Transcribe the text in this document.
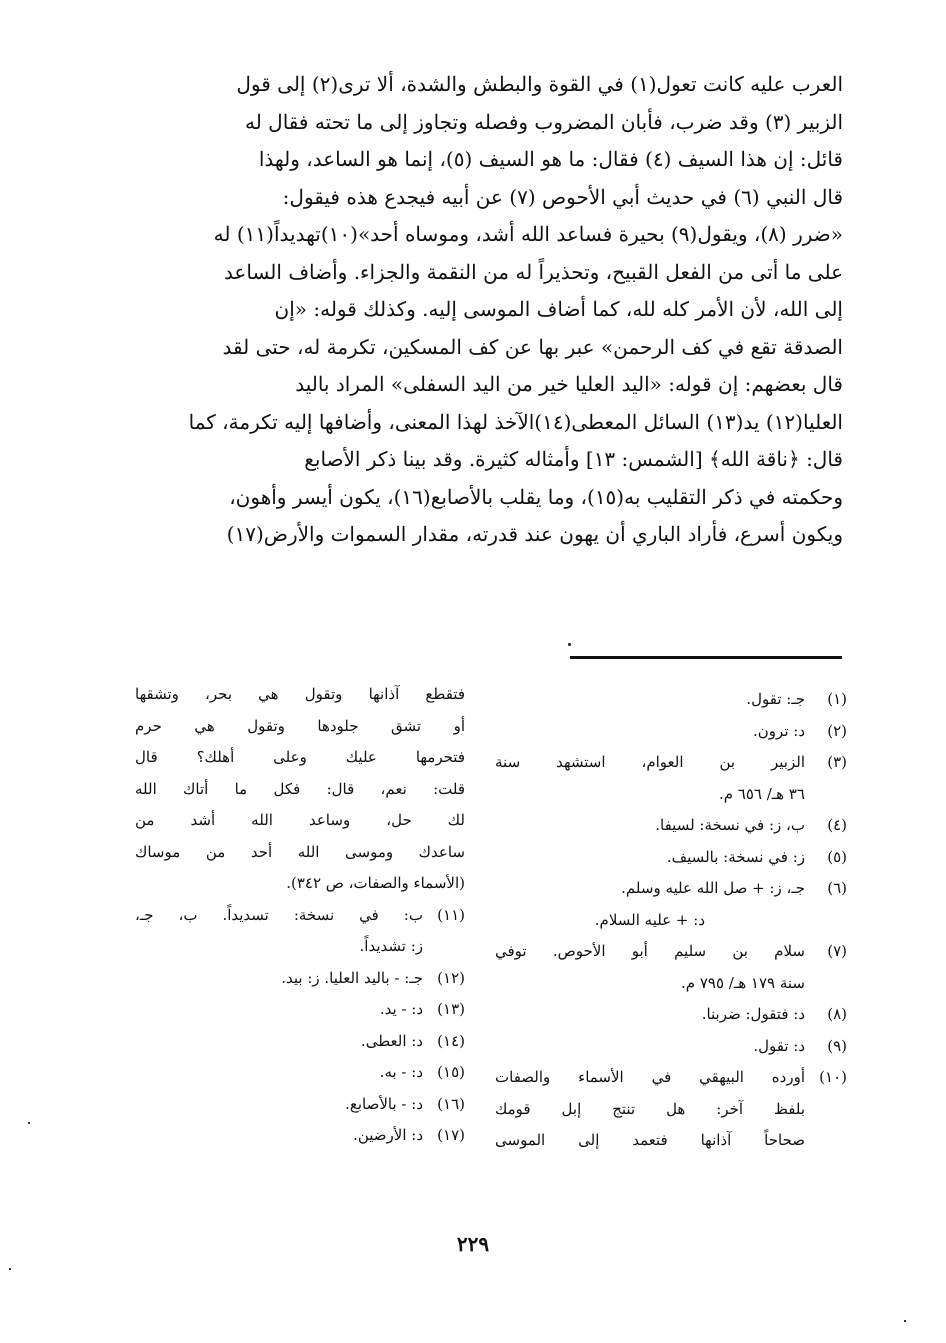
العرب عليه كانت تعول(١) في القوة والبطش والشدة، ألا ترى(٢) إلى قول
الزبير (٣) وقد ضرب، فأبان المضروب وفصله وتجاوز إلى ما تحته فقال له
قائل: إن هذا السيف (٤) فقال: ما هو السيف (٥)، إنما هو الساعد، ولهذا
قال النبي (٦) في حديث أبي الأحوص (٧) عن أبيه فيجدع هذه فيقول:
«ضرر (٨)، ويقول(٩) بحيرة فساعد الله أشد، وموساه أحد»(١٠)تهديداً(١١) له
على ما أتى من الفعل القبيح، وتحذيراً له من النقمة والجزاء. وأضاف الساعد
إلى الله، لأن الأمر كله لله، كما أضاف الموسى إليه. وكذلك قوله: «إن
الصدقة تقع في كف الرحمن» عبر بها عن كف المسكين، تكرمة له، حتى لقد
قال بعضهم: إن قوله: «اليد العليا خير من اليد السفلى» المراد باليد
العليا(١٢) يد(١٣) السائل المعطى(١٤)الآخذ لهذا المعنى، وأضافها إليه تكرمة، كما
قال: ﴿ناقة الله﴾ [الشمس: ١٣] وأمثاله كثيرة. وقد بينا ذكر الأصابع
وحكمته في ذكر التقليب به(١٥)، وما يقلب بالأصابع(١٦)، يكون أيسر وأهون،
ويكون أسرع، فأراد الباري أن يهون عند قدرته، مقدار السموات والأرض(١٧)
(١)
جـ: تقول.
(٢)
د: ترون.
(٣)
الزبير بن العوام، استشهد سنة
٣٦ هـ/ ٦٥٦ م.
(٤)
ب، ز: في نسخة: لسيفا.
(٥)
ز: في نسخة: بالسيف.
(٦)
جـ، ز: + صل الله عليه وسلم.
د: + عليه السلام.
(٧)
سلام بن سليم أبو الأحوص. توفي
سنة ١٧٩ هـ/ ٧٩٥ م.
(٨)
د: فتقول: ضربنا.
(٩)
د: تقول.
(١٠)
أورده البيهقي في الأسماء والصفات
بلفظ آخر: هل تنتج إبل قومك
صحاحاً آذانها فتعمد إلى الموسى
فتقطع آذانها وتقول هي بحر، وتشقها
أو تشق جلودها وتقول هي حرم
فتحرمها عليك وعلى أهلك؟ قال
قلت: نعم، قال: فكل ما أتاك الله
لك حل، وساعد الله أشد من
ساعدك وموسى الله أحد من موساك
(الأسماء والصفات، ص ٣٤٢).
(١١)
ب: في نسخة: تسديداً. ب، جـ،
ز: تشديداً.
(١٢)
جـ: - باليد العليا. ز: بيد.
(١٣)
د: - يد.
(١٤)
د: العطى.
(١٥)
د: - به.
(١٦)
د: - بالأصابع.
(١٧)
د: الأرضين.
٢٢٩
